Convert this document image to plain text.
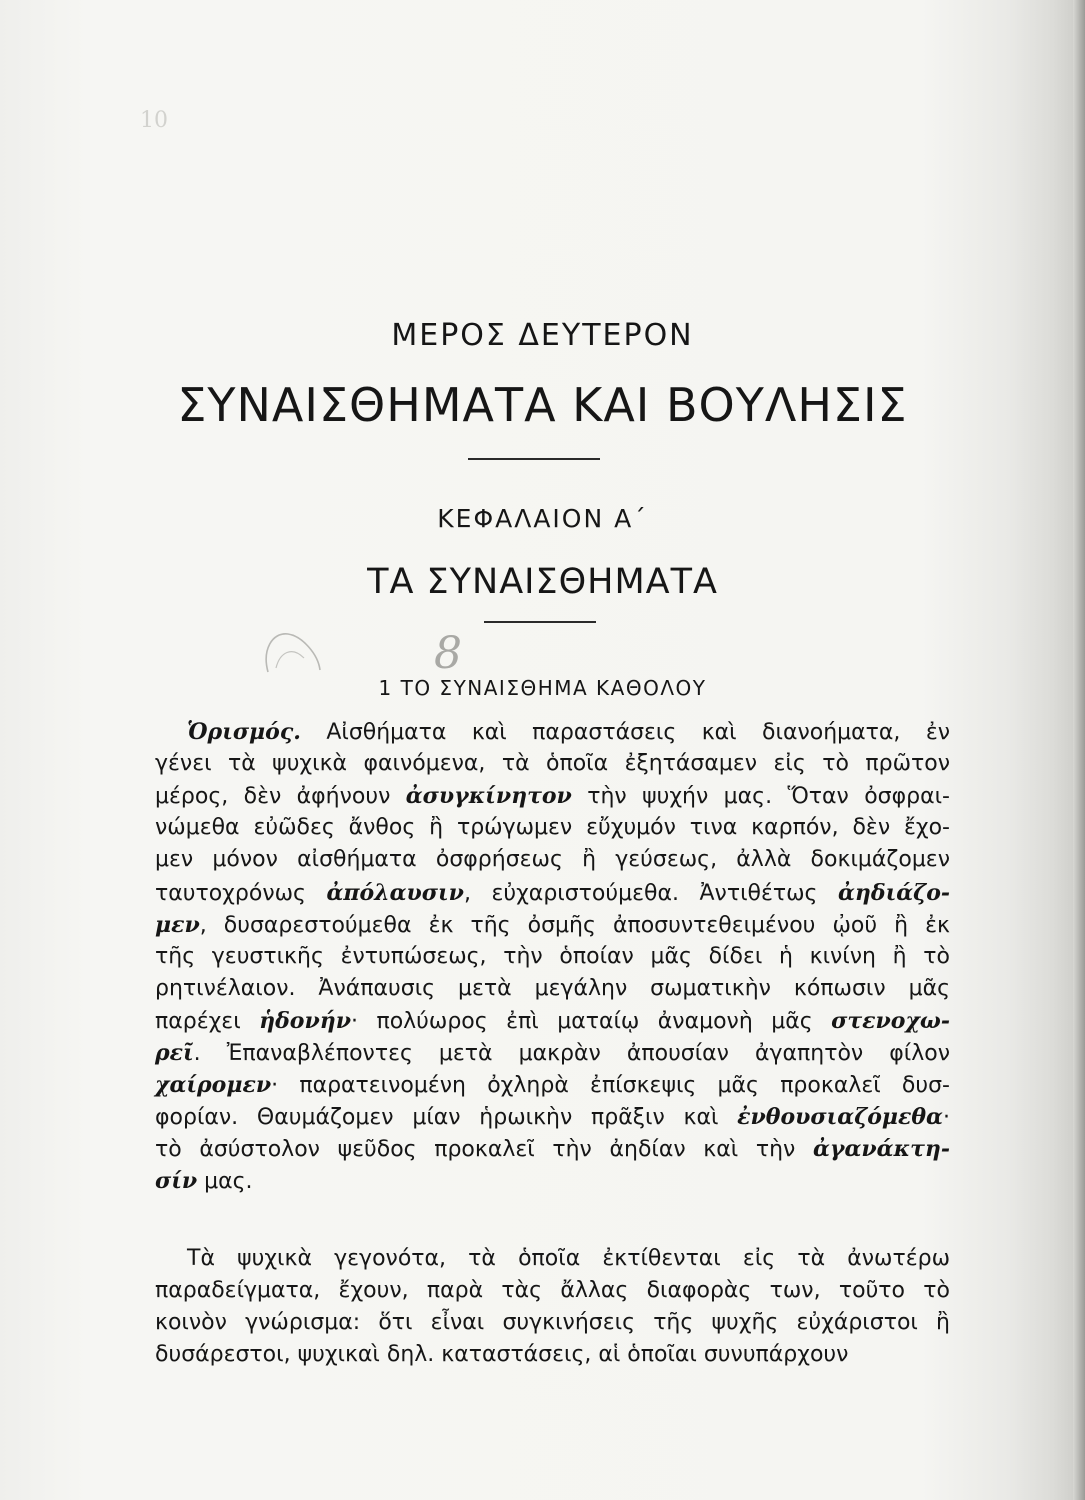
10
ΜΕΡΟΣ ΔΕΥΤΕΡΟΝ
ΣΥΝΑΙΣΘΗΜΑΤΑ ΚΑΙ ΒΟΥΛΗΣΙΣ
ΚΕΦΑΛΑΙΟΝ Α΄
ΤΑ ΣΥΝΑΙΣΘΗΜΑΤΑ
8
1 ΤΟ ΣΥΝΑΙΣΘΗΜΑ ΚΑΘΟΛΟΥ
Ὁρισμός. Αἰσθήματα καὶ παραστάσεις καὶ διανοήματα, ἐν
γένει τὰ ψυχικὰ φαινόμενα, τὰ ὁποῖα ἐξητάσαμεν εἰς τὸ πρῶτον
μέρος, δὲν ἀφήνουν ἀσυγκίνητον τὴν ψυχήν μας. Ὅταν ὀσφραι-
νώμεθα εὐῶδες ἄνθος ἢ τρώγωμεν εὔχυμόν τινα καρπόν, δὲν ἔχο-
μεν μόνον αἰσθήματα ὀσφρήσεως ἢ γεύσεως, ἀλλὰ δοκιμάζομεν
ταυτοχρόνως ἀπόλαυσιν, εὐχαριστούμεθα. Ἀντιθέτως ἀηδιάζο-
μεν, δυσαρεστούμεθα ἐκ τῆς ὀσμῆς ἀποσυντεθειμένου ᾠοῦ ἢ ἐκ
τῆς γευστικῆς ἐντυπώσεως, τὴν ὁποίαν μᾶς δίδει ἡ κινίνη ἢ τὸ
ρητινέλαιον. Ἀνάπαυσις μετὰ μεγάλην σωματικὴν κόπωσιν μᾶς
παρέχει ἡδονήν· πολύωρος ἐπὶ ματαίῳ ἀναμονὴ μᾶς στενοχω-
ρεῖ. Ἐπαναβλέποντες μετὰ μακρὰν ἀπουσίαν ἀγαπητὸν φίλον
χαίρομεν· παρατεινομένη ὀχληρὰ ἐπίσκεψις μᾶς προκαλεῖ δυσ-
φορίαν. Θαυμάζομεν μίαν ἡρωικὴν πρᾶξιν καὶ ἐνθουσιαζόμεθα·
τὸ ἀσύστολον ψεῦδος προκαλεῖ τὴν ἀηδίαν καὶ τὴν ἀγανάκτη-
σίν μας.
Τὰ ψυχικὰ γεγονότα, τὰ ὁποῖα ἐκτίθενται εἰς τὰ ἀνωτέρω
παραδείγματα, ἔχουν, παρὰ τὰς ἄλλας διαφορὰς των, τοῦτο τὸ
κοινὸν γνώρισμα: ὅτι εἶναι συγκινήσεις τῆς ψυχῆς εὐχάριστοι ἢ
δυσάρεστοι, ψυχικαὶ δηλ. καταστάσεις, αἱ ὁποῖαι συνυπάρχουν
